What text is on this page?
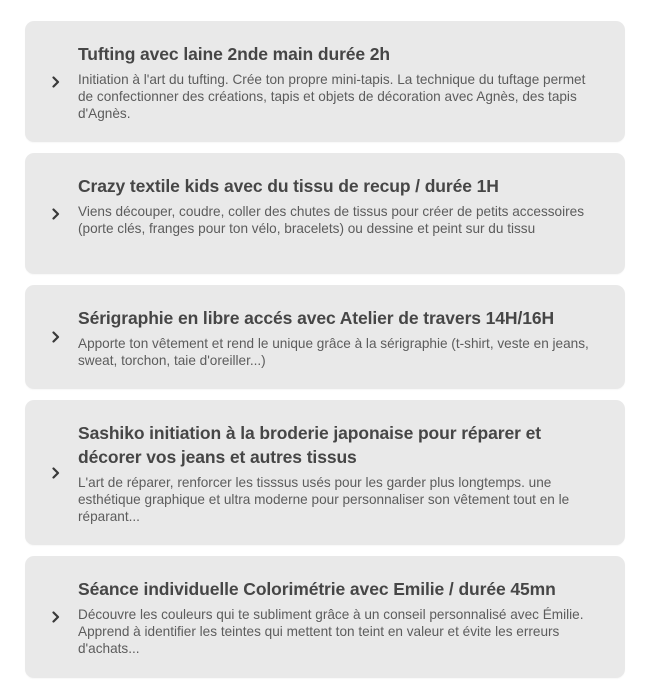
Tufting avec laine 2nde main durée 2h

Initiation à l'art du tufting. Crée ton propre mini-tapis. La technique du tuftage permet de confectionner des créations, tapis et objets de décoration avec Agnès, des tapis d'Agnès.

Crazy textile kids avec du tissu de recup / durée 1H

Viens découper, coudre, coller des chutes de tissus pour créer de petits accessoires (porte clés, franges pour ton vélo, bracelets) ou dessine et peint sur du tissu

Sérigraphie en libre accés avec Atelier de travers 14H/16H

Apporte ton vêtement et rend le unique grâce à la sérigraphie (t-shirt, veste en jeans, sweat, torchon, taie d'oreiller...)

Sashiko initiation à la broderie japonaise pour réparer et décorer vos jeans et autres tissus

L'art de réparer, renforcer les tisssus usés pour les garder plus longtemps. une esthétique graphique et ultra moderne pour personnaliser son vêtement tout en le réparant...

Séance individuelle Colorimétrie avec Emilie / durée 45mn

Découvre les couleurs qui te subliment grâce à un conseil personnalisé avec Émilie. Apprend à identifier les teintes qui mettent ton teint en valeur et évite les erreurs d'achats...
